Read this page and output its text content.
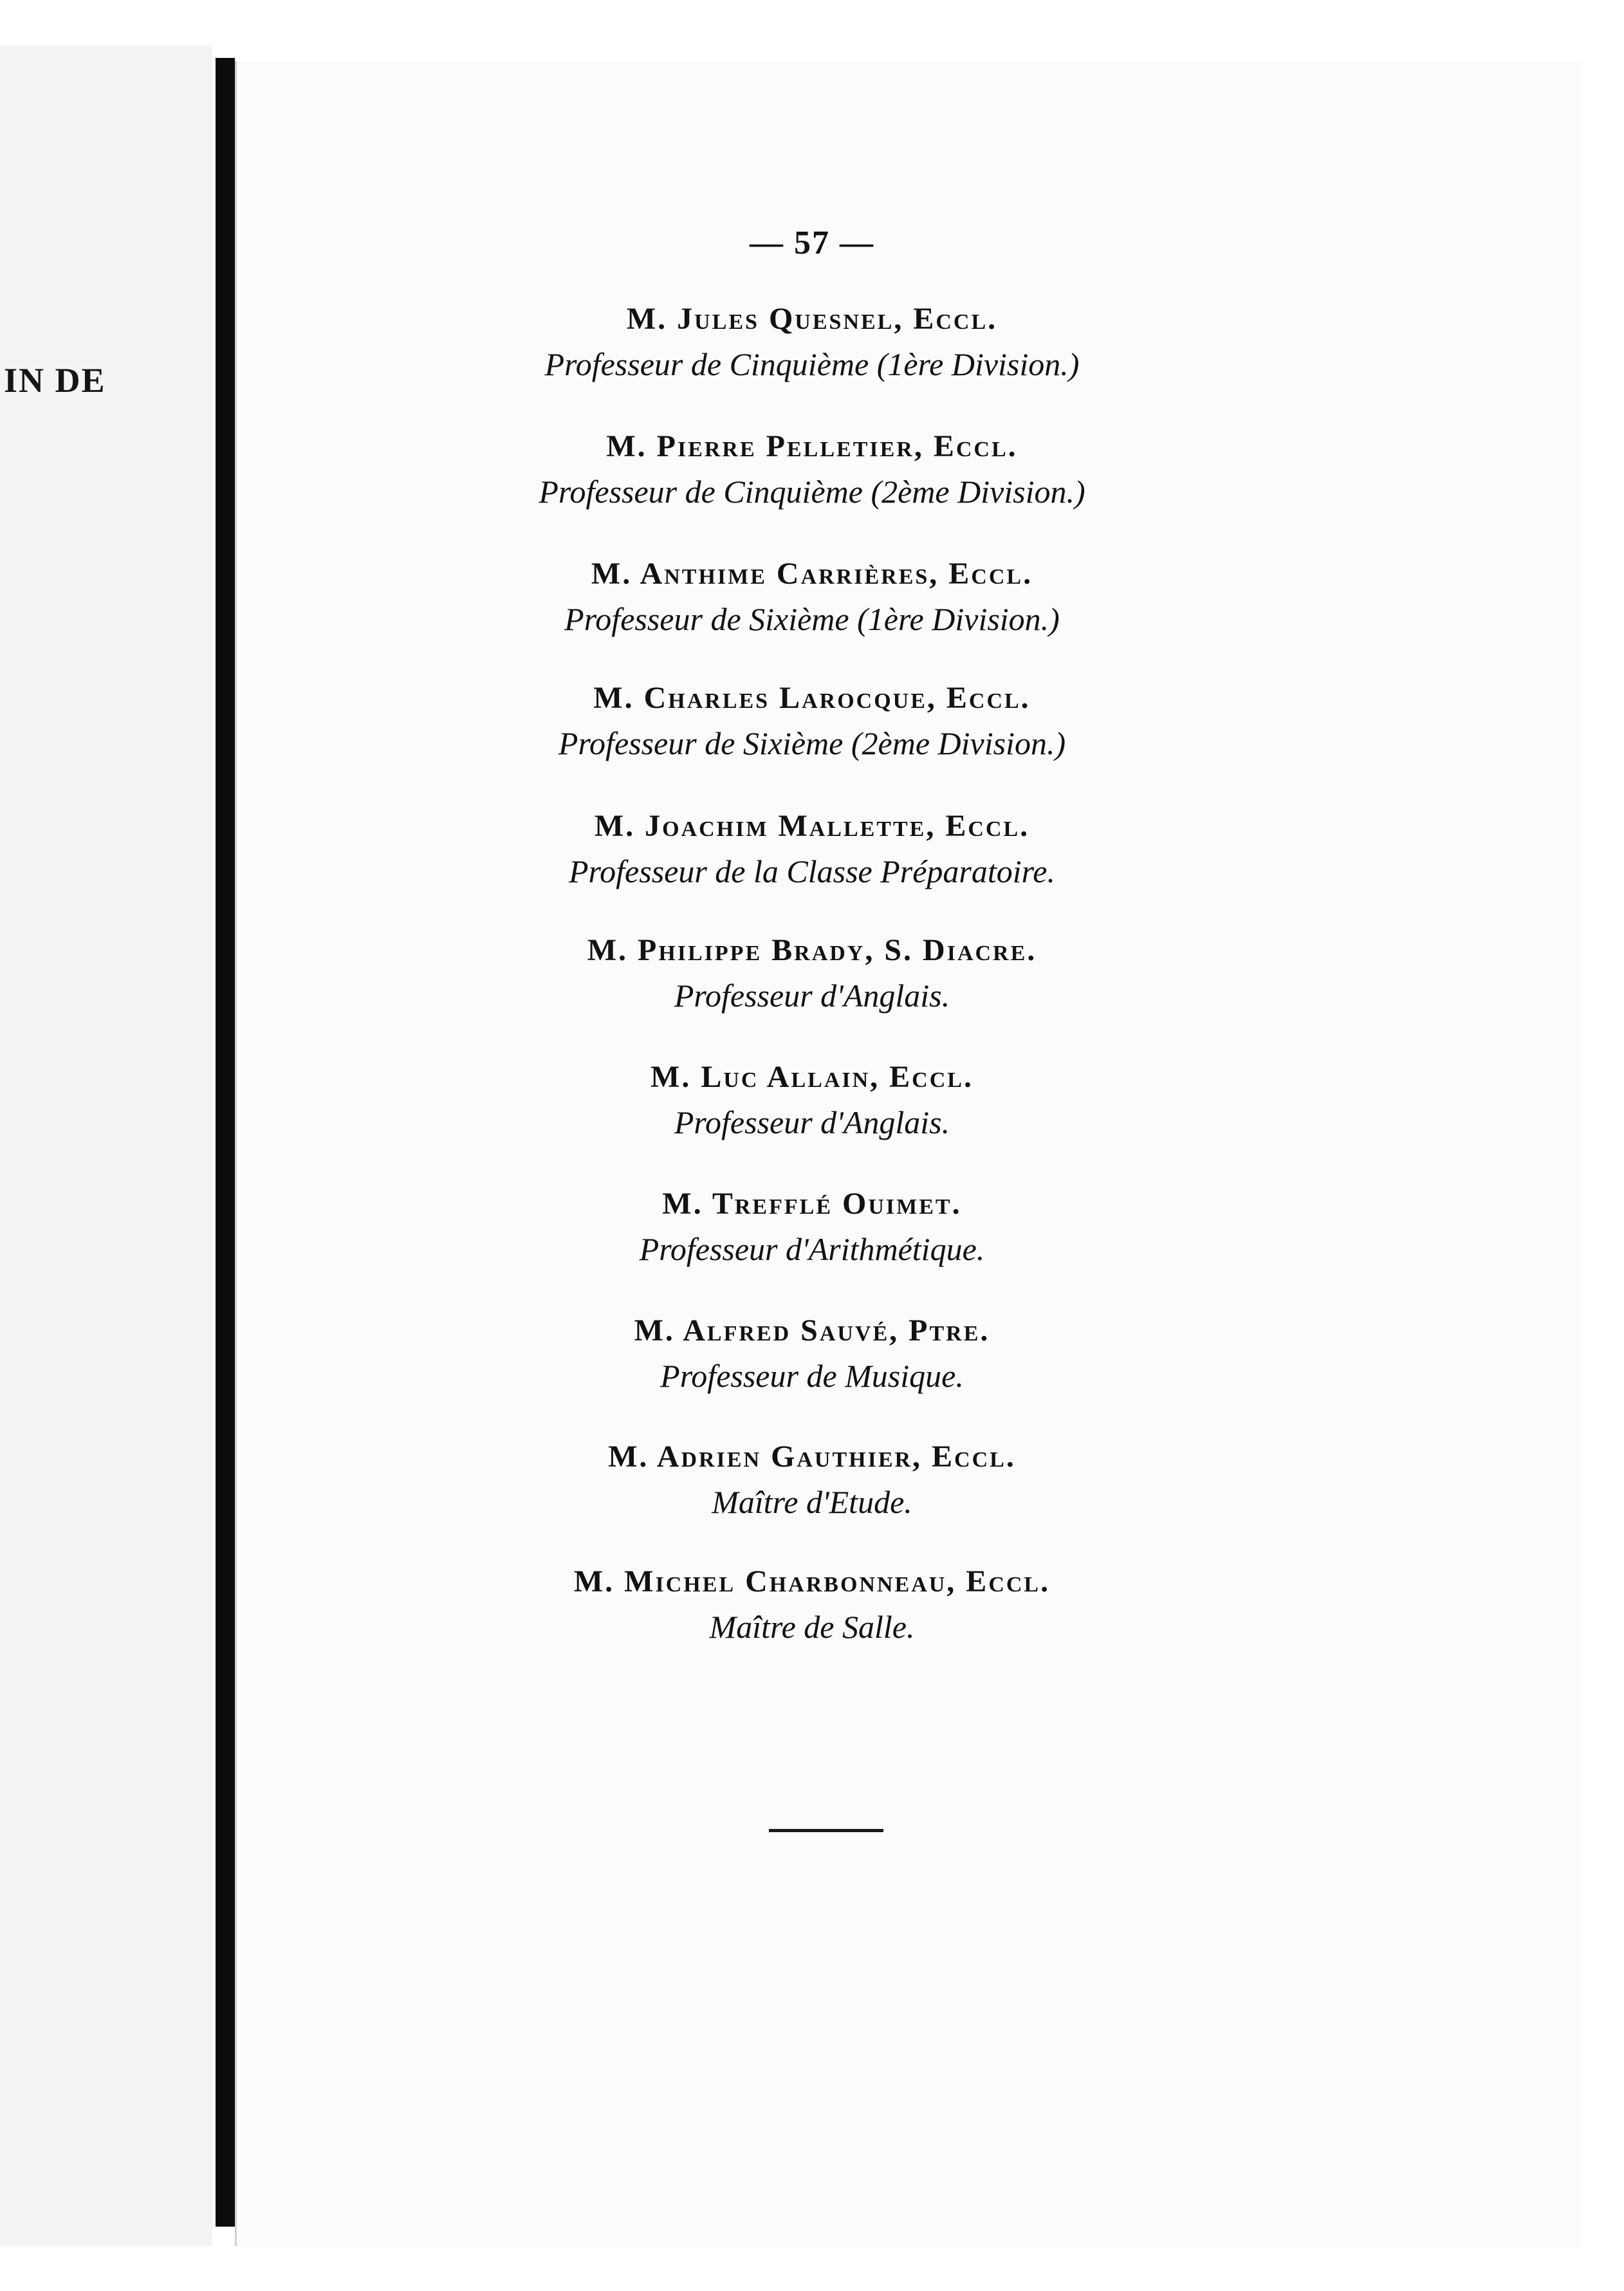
IN DE
— 57 —
M. Jules Quesnel, Eccl.
Professeur de Cinquième (1ère Division.)
M. Pierre Pelletier, Eccl.
Professeur de Cinquième (2ème Division.)
M. Anthime Carrières, Eccl.
Professeur de Sixième (1ère Division.)
M. Charles Larocque, Eccl.
Professeur de Sixième (2ème Division.)
M. Joachim Mallette, Eccl.
Professeur de la Classe Préparatoire.
M. Philippe Brady, S. Diacre.
Professeur d'Anglais.
M. Luc Allain, Eccl.
Professeur d'Anglais.
M. Trefflé Ouimet.
Professeur d'Arithmétique.
M. Alfred Sauvé, Ptre.
Professeur de Musique.
M. Adrien Gauthier, Eccl.
Maître d'Etude.
M. Michel Charbonneau, Eccl.
Maître de Salle.
